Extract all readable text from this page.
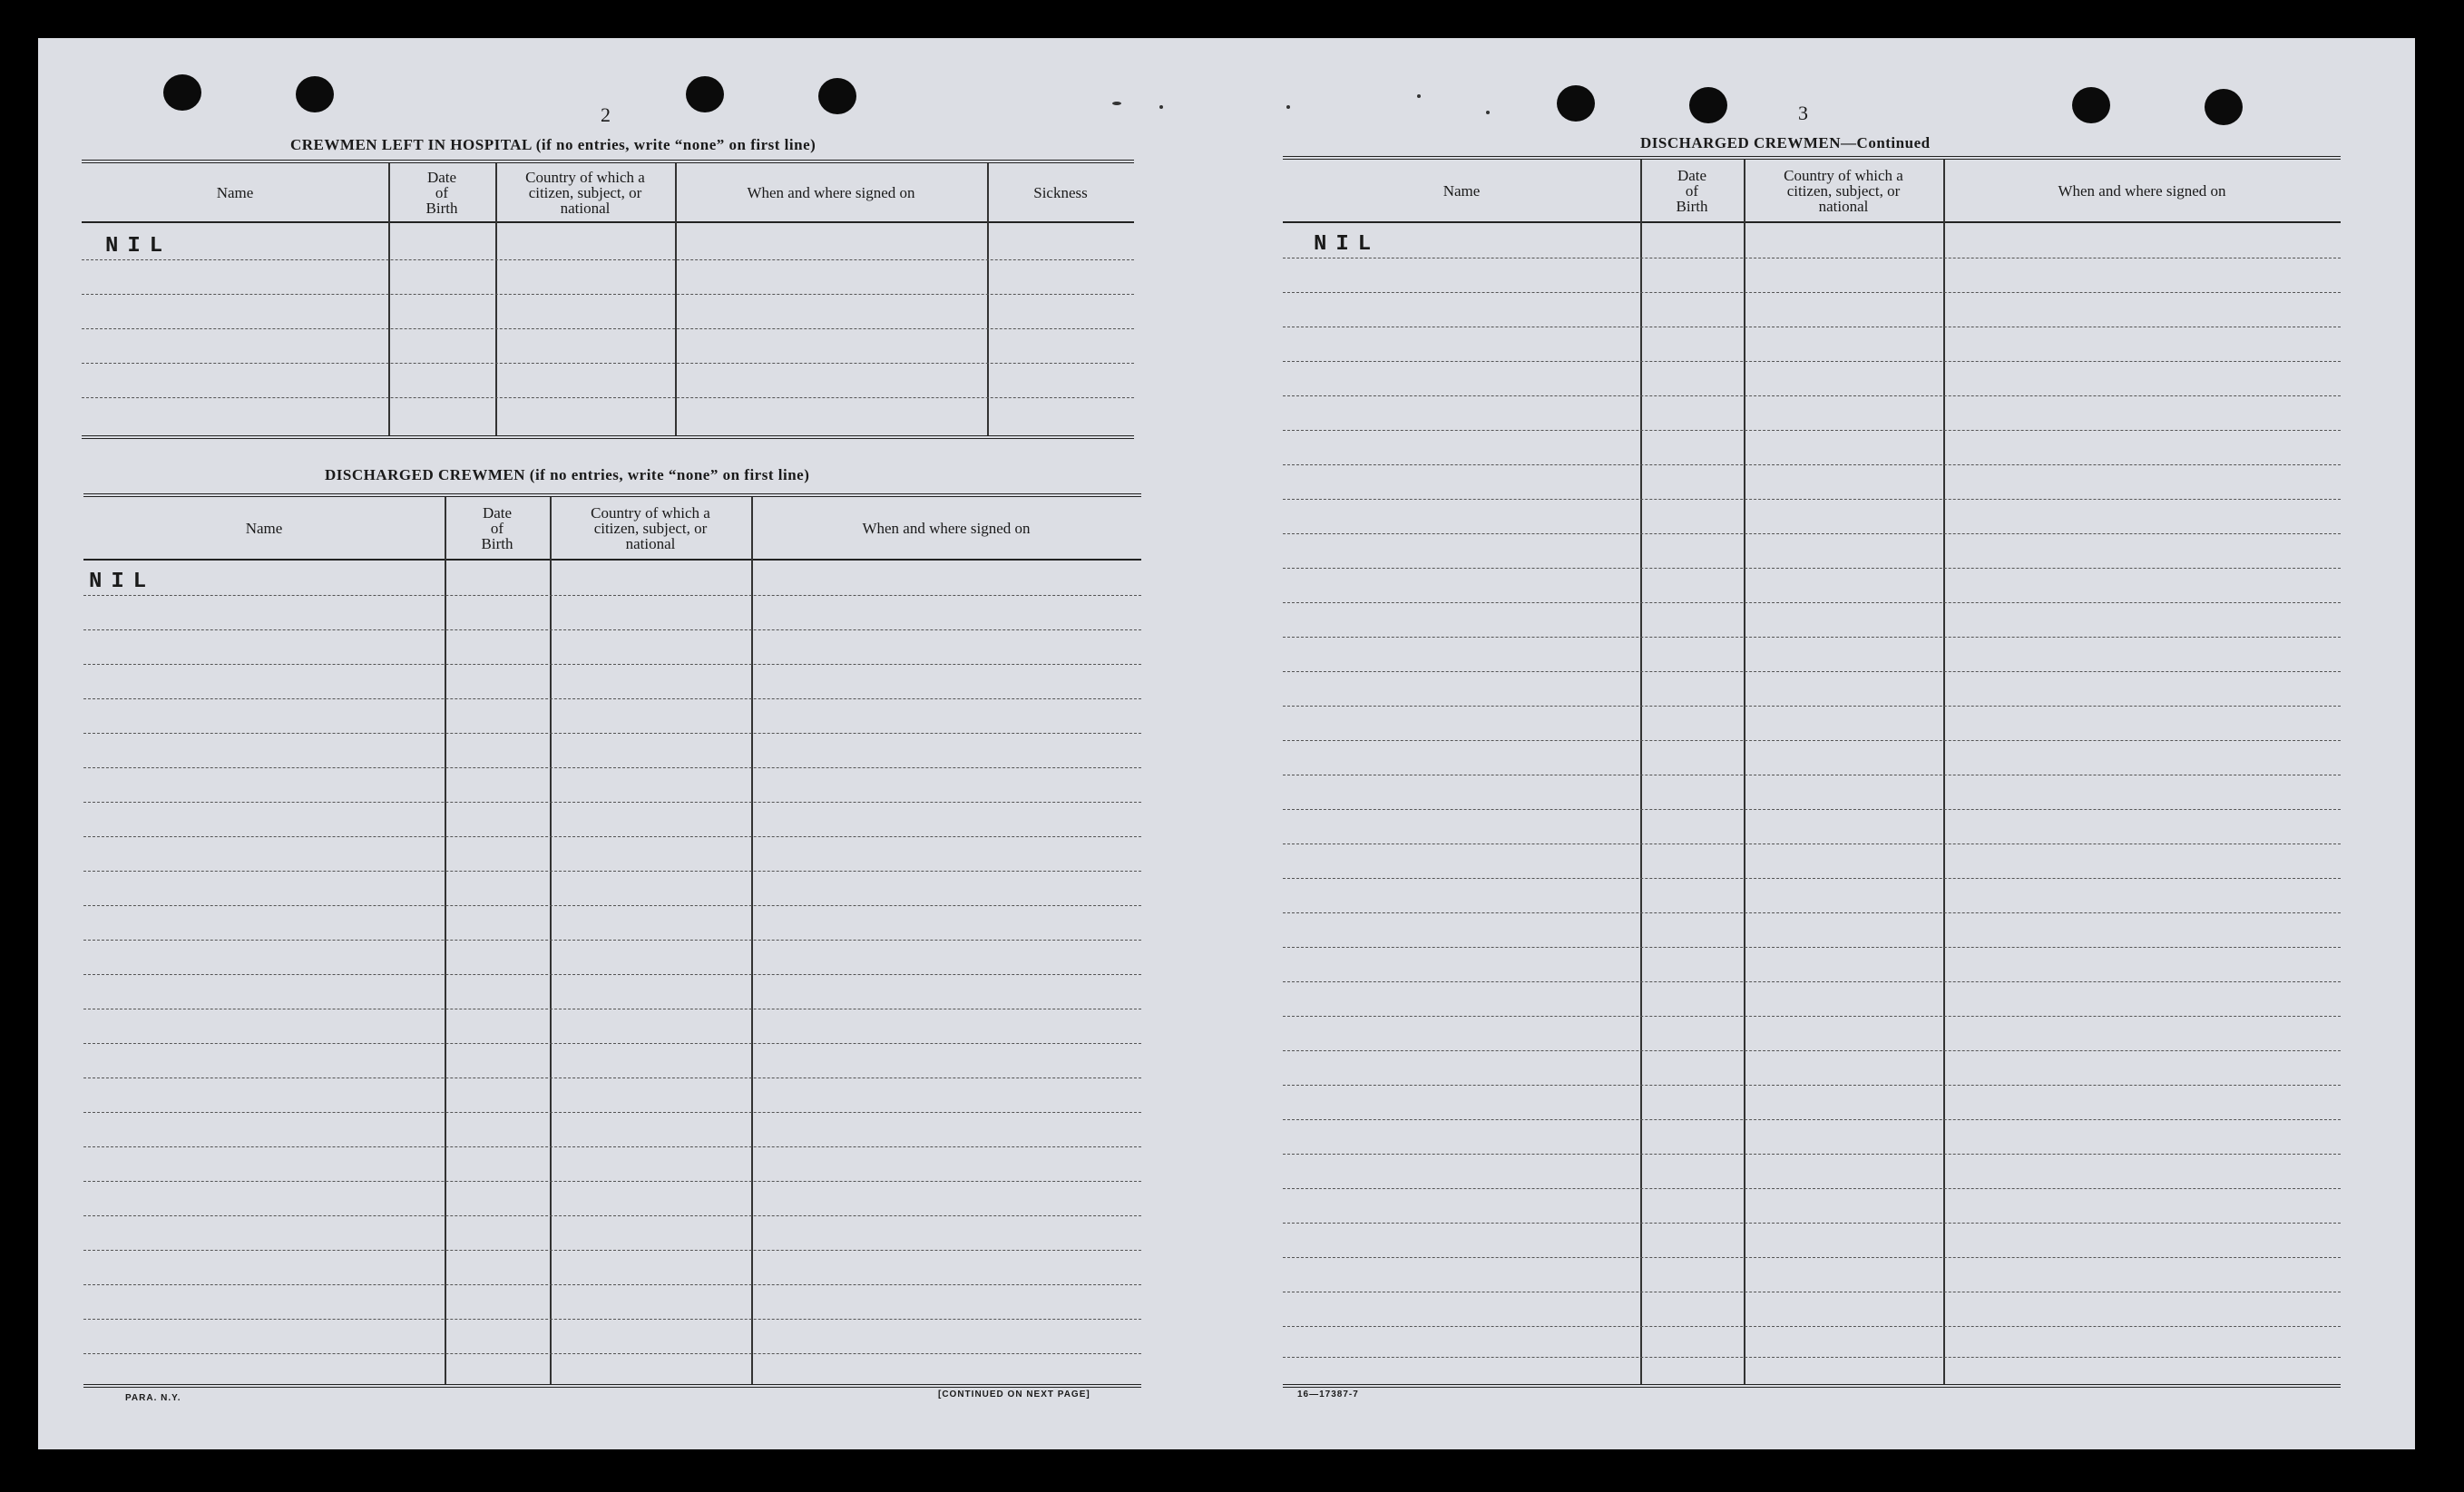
2
CREWMEN LEFT IN HOSPITAL (if no entries, write “none” on first line)
Name
Date
of
Birth
Country of which a
citizen, subject, or
national
When and where signed on	Sickness
NIL
DISCHARGED CREWMEN (if no entries, write “none” on first line)
Name
Date
of
Birth
Country of which a
citizen, subject, or
national
When and where signed on
NIL
PARA. N.Y.	[CONTINUED ON NEXT PAGE]
3
DISCHARGED CREWMEN—Continued
Name
Date
of
Birth
Country of which a
citizen, subject, or
national
When and where signed on
NIL
16—17387-7
